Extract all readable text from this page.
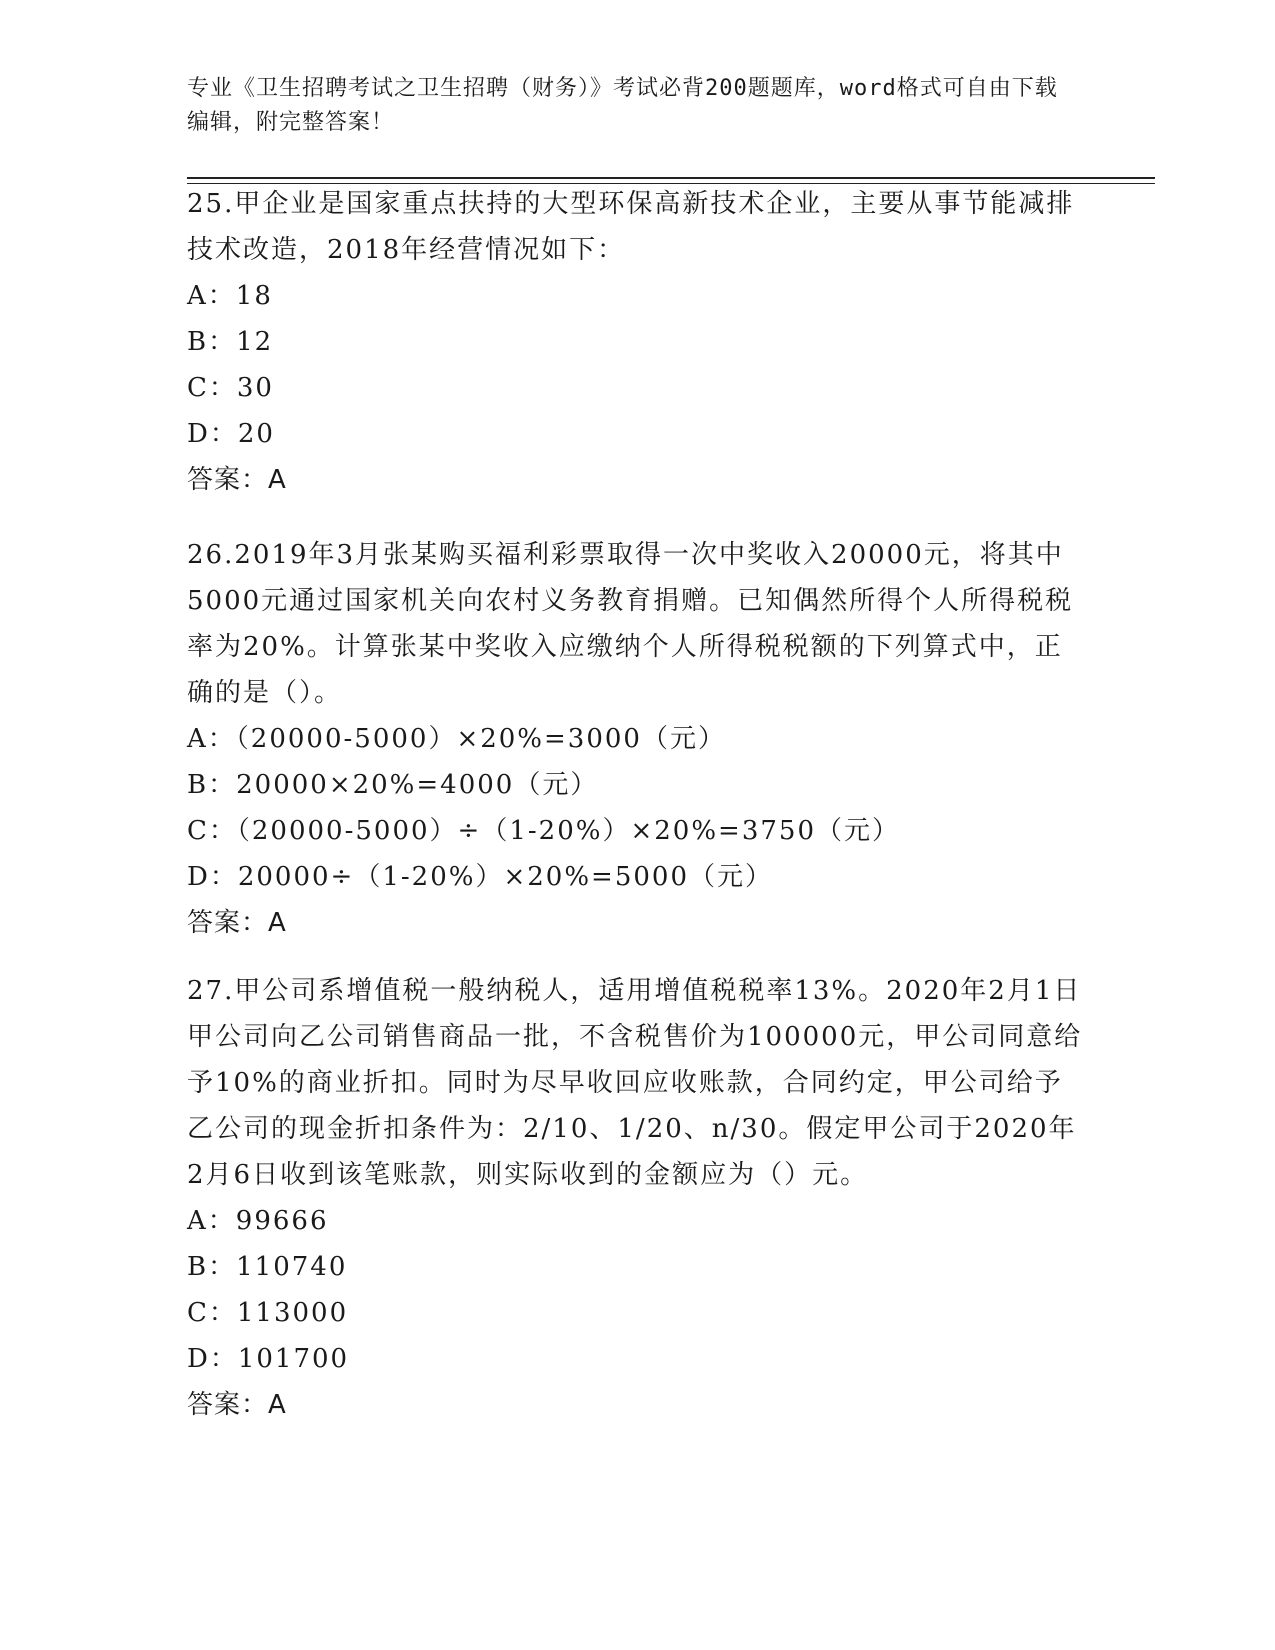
专业《卫生招聘考试之卫生招聘（财务）》考试必背200题题库，word格式可自由下载编辑，附完整答案！

25.甲企业是国家重点扶持的大型环保高新技术企业，主要从事节能减排技术改造，2018年经营情况如下：

A：18

B：12

C：30

D：20

答案：A

26.2019年3月张某购买福利彩票取得一次中奖收入20000元，将其中5000元通过国家机关向农村义务教育捐赠。已知偶然所得个人所得税税率为20%。计算张某中奖收入应缴纳个人所得税税额的下列算式中，正确的是（）。

A：（20000-5000）×20%=3000（元）

B：20000×20%=4000（元）

C：（20000-5000）÷（1-20%）×20%=3750（元）

D：20000÷（1-20%）×20%=5000（元）

答案：A

27.甲公司系增值税一般纳税人，适用增值税税率13%。2020年2月1日甲公司向乙公司销售商品一批，不含税售价为100000元，甲公司同意给予10%的商业折扣。同时为尽早收回应收账款，合同约定，甲公司给予乙公司的现金折扣条件为：2/10、1/20、n/30。假定甲公司于2020年2月6日收到该笔账款，则实际收到的金额应为（）元。

A：99666

B：110740

C：113000

D：101700

答案：A
